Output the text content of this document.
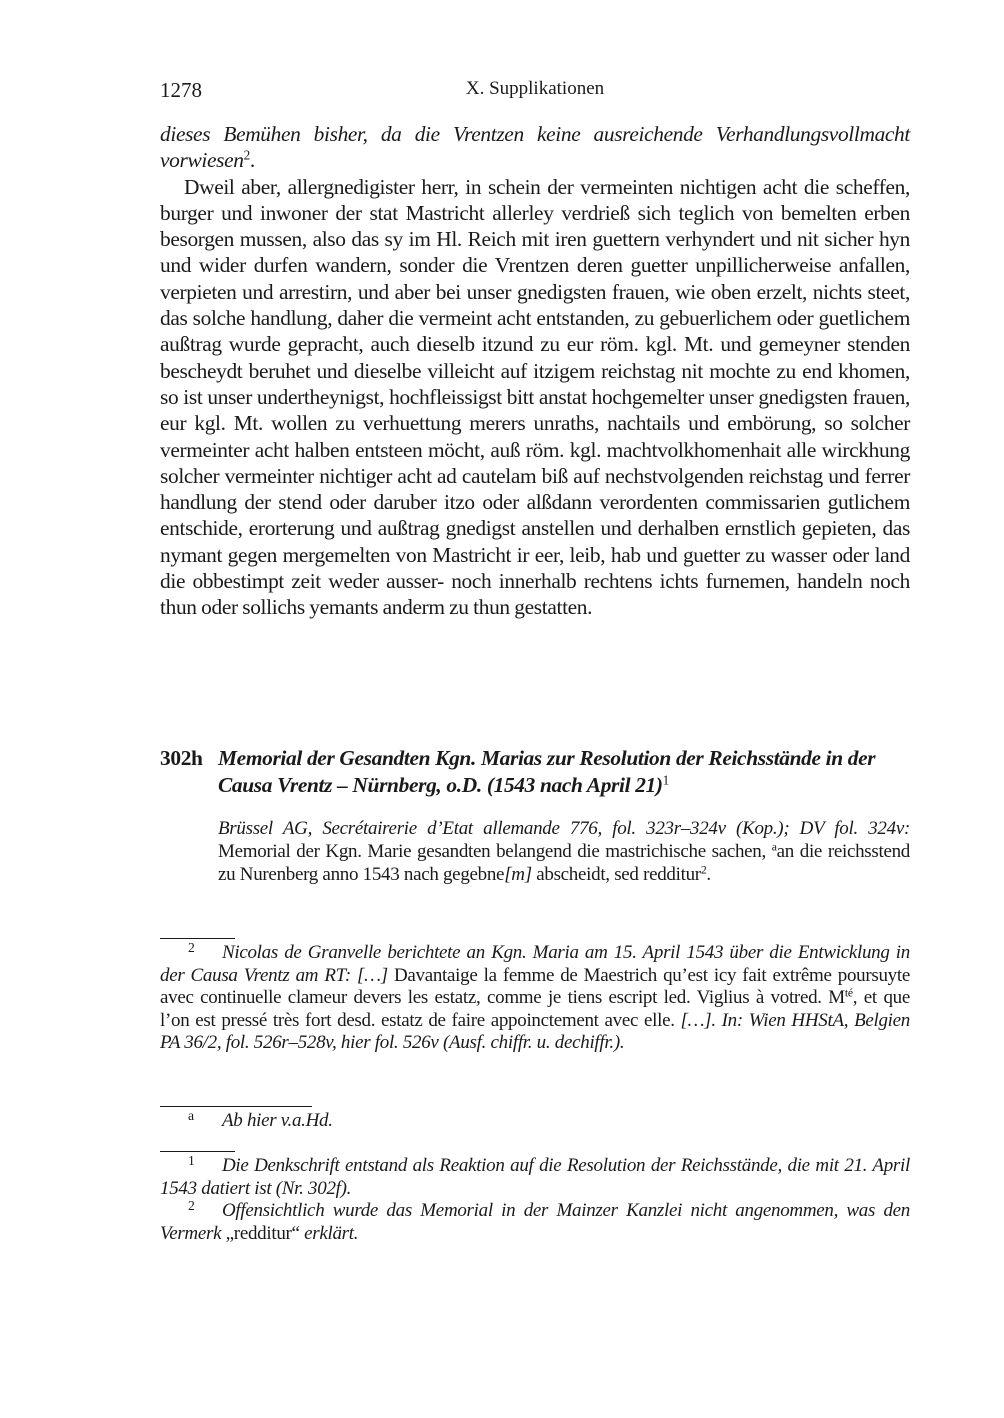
1278	X. Supplikationen

dieses Bemühen bisher, da die Vrentzen keine ausreichende Verhandlungsvollmacht vorwiesen$^2$.

Dweil aber, allergnedigister herr, in schein der vermeinten nichtigen acht die scheffen, burger und inwoner der stat Mastricht allerley verdrieß sich teglich von bemelten erben besorgen mussen, also das sy im Hl. Reich mit iren guettern verhyndert und nit sicher hyn und wider durfen wandern, sonder die Vrentzen deren guetter unpillicherweise anfallen, verpieten und arrestirn, und aber bei unser gnedigsten frauen, wie oben erzelt, nichts steet, das solche handlung, daher die vermeint acht entstanden, zu gebuerlichem oder guetlichem außtrag wurde gepracht, auch dieselb itzund zu eur röm. kgl. Mt. und gemeyner stenden bescheydt beruhet und dieselbe villeicht auf itzigem reichstag nit mochte zu end khomen, so ist unser undertheynigst, hochfleissigst bitt anstat hochgemelter unser gnedigsten frauen, eur kgl. Mt. wollen zu verhuettung merers unraths, nachtails und embörung, so solcher vermeinter acht halben entsteen möcht, auß röm. kgl. machtvolkhomenhait alle wirckhung solcher vermeinter nichtiger acht ad cautelam biß auf nechstvolgenden reichstag und ferrer handlung der stend oder daruber itzo oder alßdann verordenten commissarien gutlichem entschide, erorterung und außtrag gnedigst anstellen und derhalben ernstlich gepieten, das nymant gegen mergemelten von Mastricht ir eer, leib, hab und guetter zu wasser oder land die obbestimpt zeit weder ausser- noch innerhalb rechtens ichts furnemen, handeln noch thun oder sollichs yemants anderm zu thun gestatten.

302h Memorial der Gesandten Kgn. Marias zur Resolution der Reichsstände in der Causa Vrentz – Nürnberg, o.D. (1543 nach April 21)$^1$
Brüssel AG, Secrétairerie d’Etat allemande 776, fol. 323r–324v (Kop.); DV fol. 324v: Memorial der Kgn. Marie gesandten belangend die mastrichische sachen, $^a$an die reichsstend zu Nurenberg anno 1543 nach gegebne[m] abscheidt, sed redditur$^2$.

2 Nicolas de Granvelle berichtete an Kgn. Maria am 15. April 1543 über die Entwicklung in der Causa Vrentz am RT: […] Davantaige la femme de Maestrich qu’est icy fait extrême poursuyte avec continuelle clameur devers les estatz, comme je tiens escript led. Viglius à votred. $M^{té}$, et que l’on est pressé très fort desd. estatz de faire appoinctement avec elle. […]. In: Wien HHStA, Belgien PA 36/2, fol. 526r–528v, hier fol. 526v (Ausf. chiffr. u. dechiffr.).

a Ab hier v.a.Hd.

1 Die Denkschrift entstand als Reaktion auf die Resolution der Reichsstände, die mit 21. April 1543 datiert ist (Nr. 302f).

2 Offensichtlich wurde das Memorial in der Mainzer Kanzlei nicht angenommen, was den Vermerk „redditur“ erklärt.
